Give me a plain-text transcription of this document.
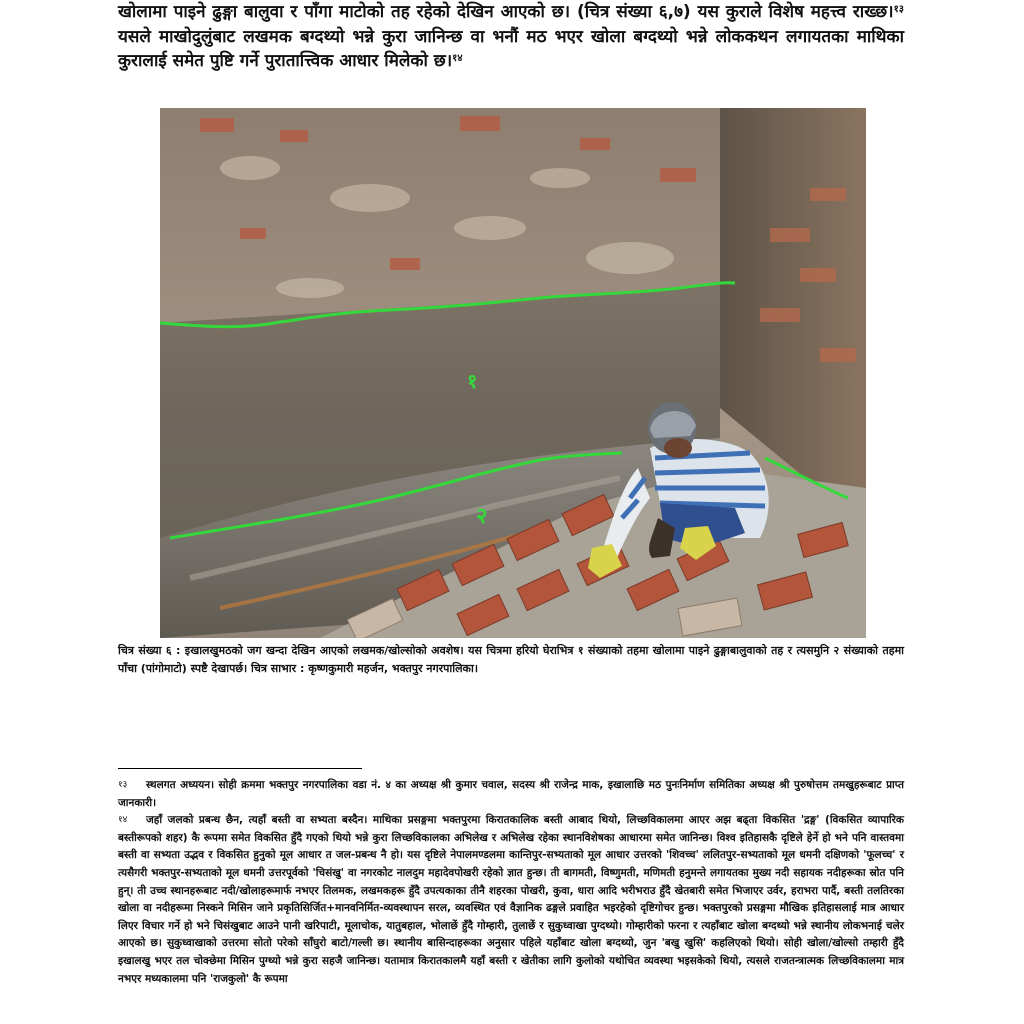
खोलामा पाइने ढुङ्गा बालुवा र पाँगा माटोको तह रहेको देखिन आएको छ। (चित्र संख्या ६,७) यस कुराले विशेष महत्त्व राख्छ।$^{१३}$ यसले माखोदुलुंबाट लखमक बग्दथ्यो भन्ने कुरा जानिन्छ वा भनौं मठ भएर खोला बग्दथ्यो भन्ने लोककथन लगायतका माथिका कुरालाई समेत पुष्टि गर्ने पुरातात्त्विक आधार मिलेको छ।$^{१४}$

१
२

चित्र संख्या ६ : इखालखुमठको जग खन्दा देखिन आएको लखमक/खोल्सोको अवशेष। यस चित्रमा हरियो घेराभित्र १ संख्याको तहमा खोलामा पाइने ढुङ्गाबालुवाको तह र त्यसमुनि २ संख्याको तहमा पाँचा (पांगोमाटो) स्पष्टै देखापर्छ। चित्र साभार : कृष्णकुमारी महर्जन, भक्तपुर नगरपालिका।

१३ स्थलगत अध्ययन। सोही क्रममा भक्तपुर नगरपालिका वडा नं. ४ का अध्यक्ष श्री कुमार चवाल, सदस्य श्री राजेन्द्र माक, इखालाछि मठ पुनःनिर्माण समितिका अध्यक्ष श्री पुरुषोत्तम तमखुहरूबाट प्राप्त जानकारी।

१४ जहाँ जलको प्रबन्ध छैन, त्यहाँ बस्ती वा सभ्यता बस्दैन। माथिका प्रसङ्गमा भक्तपुरमा किरातकालिक बस्ती आबाद थियो, लिच्छविकालमा आएर अझ बढ्ता विकसित 'द्रङ्ग' (विकसित व्यापारिक बस्तीरूपको शहर) कै रूपमा समेत विकसित हुँदै गएको थियो भन्ने कुरा लिच्छविकालका अभिलेख र अभिलेख रहेका स्थानविशेषका आधारमा समेत जानिन्छ। विश्व इतिहासकै दृष्टिले हेर्ने हो भने पनि वास्तवमा बस्ती वा सभ्यता उद्भव र विकसित हुनुको मूल आधार त जल-प्रबन्ध नै हो। यस दृष्टिले नेपालमण्डलमा कान्तिपुर-सभ्यताको मूल आधार उत्तरको 'शिवच्च' ललितपुर-सभ्यताको मूल धमनी दक्षिणको 'फूलच्च' र त्यसैगरी भक्तपुर-सभ्यताको मूल धमनी उत्तरपूर्वको 'चिसंखु' वा नगरकोट नालदुम महादेवपोखरी रहेको ज्ञात हुन्छ। ती बागमती, विष्णुमती, मणिमती हनुमन्ते लगायतका मुख्य नदी सहायक नदीहरूका स्रोत पनि हुन्। ती उच्च स्थानहरूबाट नदी/खोलाहरूमार्फ नभएर तिलमक, लखमकहरू हुँदै उपत्यकाका तीनै शहरका पोखरी, कुवा, धारा आदि भरीभराउ हुँदै खेतबारी समेत भिजाएर उर्वर, हराभरा पार्दै, बस्ती तलतिरका खोला वा नदीहरूमा निस्कने मिसिन जाने प्रकृतिसिर्जित+मानवनिर्मित-व्यवस्थापन सरल, व्यवस्थित एवं वैज्ञानिक ढङ्गले प्रवाहित भइरहेको दृष्टिगोचर हुन्छ। भक्तपुरको प्रसङ्गमा मौखिक इतिहासलाई मात्र आधार लिएर विचार गर्ने हो भने चिसंखुबाट आउने पानी खरिपाटी, मूलाचोक, यातुबहाल, भोलाछें हुँदै गोम्हारी, तुलाछें र सुकुध्वाखा पुग्दथ्यो। गोम्हारीको फरना र त्यहाँबाट खोला बग्दथ्यो भन्ने स्थानीय लोकभनाई चलेर आएको छ। सुकुध्वाखाको उत्तरमा सोतो परेको साँघुरो बाटो/गल्ली छ। स्थानीय बासिन्दाहरूका अनुसार पहिले यहाँबाट खोला बग्दथ्यो, जुन 'बखु खुसि' कहलिएको थियो। सोही खोला/खोल्सो तम्हारी हुँदै इखालखु भएर तल चोक्छेमा मिसिन पुग्थ्यो भन्ने कुरा सहजै जानिन्छ। यतामात्र किरातकालमै यहाँ बस्ती र खेतीका लागि कुलोको यथोचित व्यवस्था भइसकेको थियो, त्यसले राजतन्त्रात्मक लिच्छविकालमा मात्र नभएर मध्यकालमा पनि 'राजकुलो' कै रूपमा
